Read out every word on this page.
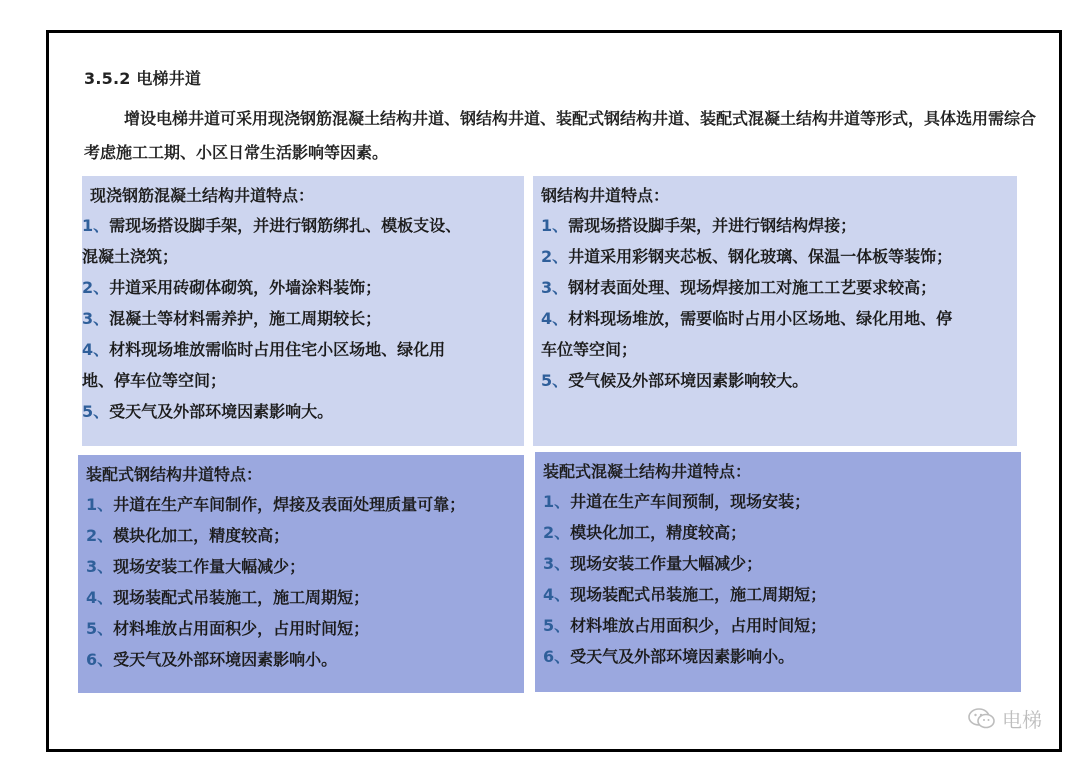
3.5.2 电梯井道
增设电梯井道可采用现浇钢筋混凝土结构井道、钢结构井道、装配式钢结构井道、装配式混凝土结构井道等形式，具体选用需综合考虑施工工期、小区日常生活影响等因素。
现浇钢筋混凝土结构井道特点：
1、需现场搭设脚手架，并进行钢筋绑扎、模板支设、
混凝土浇筑；
2、井道采用砖砌体砌筑，外墙涂料装饰；
3、混凝土等材料需养护，施工周期较长；
4、材料现场堆放需临时占用住宅小区场地、绿化用
地、停车位等空间；
5、受天气及外部环境因素影响大。
钢结构井道特点：
1、需现场搭设脚手架，并进行钢结构焊接；
2、井道采用彩钢夹芯板、钢化玻璃、保温一体板等装饰；
3、钢材表面处理、现场焊接加工对施工工艺要求较高；
4、材料现场堆放，需要临时占用小区场地、绿化用地、停
车位等空间；
5、受气候及外部环境因素影响较大。
装配式钢结构井道特点：
1、井道在生产车间制作，焊接及表面处理质量可靠；
2、模块化加工，精度较高；
3、现场安装工作量大幅减少；
4、现场装配式吊装施工，施工周期短；
5、材料堆放占用面积少，占用时间短；
6、受天气及外部环境因素影响小。
装配式混凝土结构井道特点：
1、井道在生产车间预制，现场安装；
2、模块化加工，精度较高；
3、现场安装工作量大幅减少；
4、现场装配式吊装施工，施工周期短；
5、材料堆放占用面积少，占用时间短；
6、受天气及外部环境因素影响小。
电梯
